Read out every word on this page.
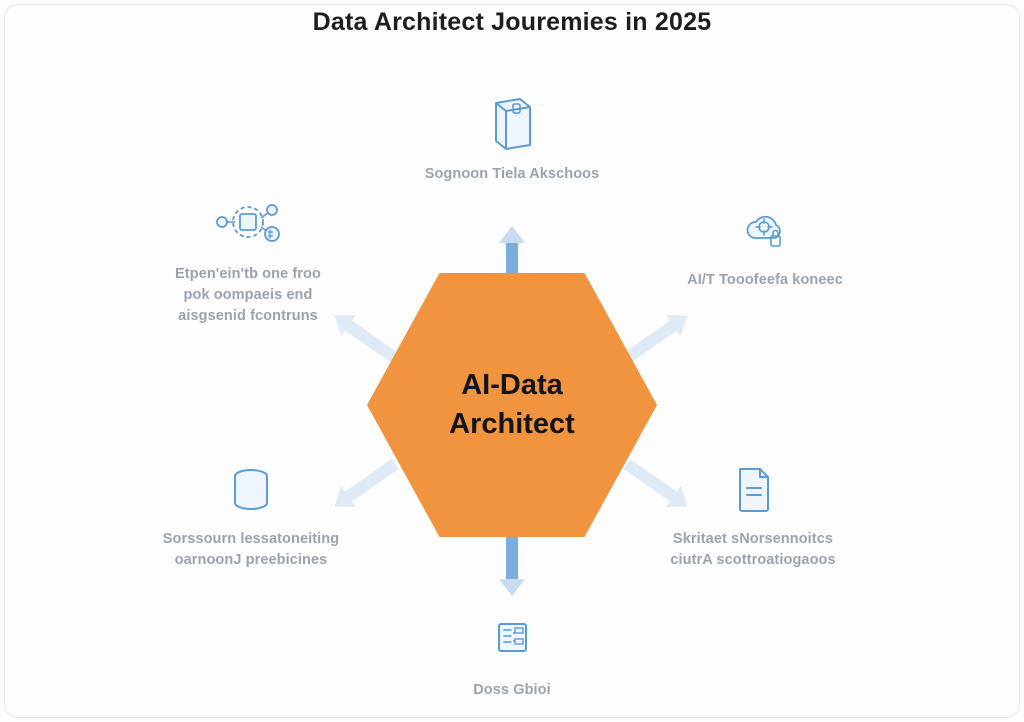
Data Architect Jouremies in 2025
AI-Data
Architect
Sognoon Tiela Akschoos
AI/T Tooofeefa koneec
Skritaet sNorsennoitcs
ciutrA scottroatiogaoos
Doss Gbioi
Sorssourn lessatoneiting
oarnoonJ preebicines
Etpen'ein'tb one froo
pok oompaeis end
aisgsenid fcontruns
